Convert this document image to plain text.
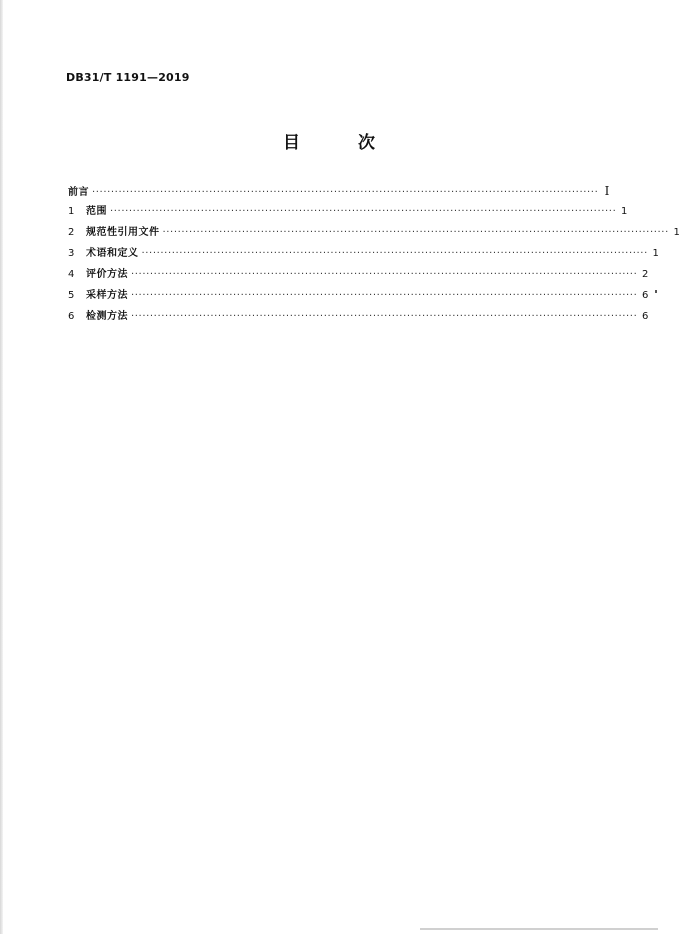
DB31/T 1191—2019
目 次
前言 ······································································································································ I
1	范围 ······································································································································ 1
2	规范性引用文件 ······································································································································ 1
3	术语和定义 ······································································································································ 1
4	评价方法 ······································································································································ 2
5	采样方法 ······································································································································ 6
6	检测方法 ······································································································································ 6
